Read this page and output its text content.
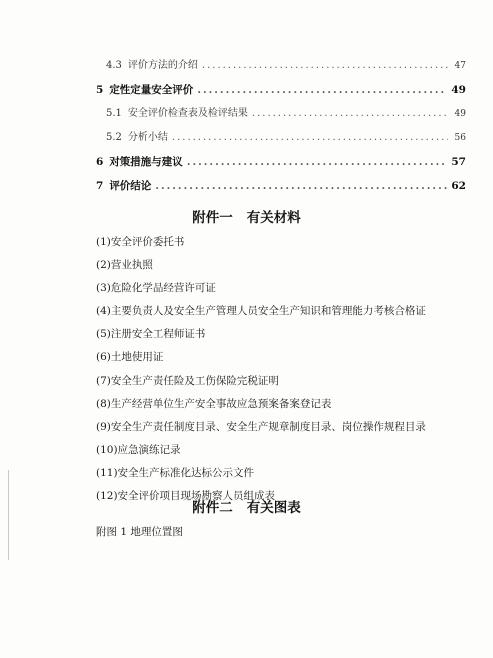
4.3 评价方法的介绍 .....	47
5 定性定量安全评价 .....	49
5.1 安全评价检查表及检评结果 .....	49
5.2 分析小结 .....	56
6 对策措施与建议 .....	57
7 评价结论 .....	62
附件一 有关材料
(1)安全评价委托书
(2)营业执照
(3)危险化学品经营许可证
(4)主要负责人及安全生产管理人员安全生产知识和管理能力考核合格证
(5)注册安全工程师证书
(6)土地使用证
(7)安全生产责任险及工伤保险完税证明
(8)生产经营单位生产安全事故应急预案备案登记表
(9)安全生产责任制度目录、安全生产规章制度目录、岗位操作规程目录
(10)应急演练记录
(11)安全生产标准化达标公示文件
(12)安全评价项目现场勘察人员组成表
附件二 有关图表
附图 1 地理位置图
